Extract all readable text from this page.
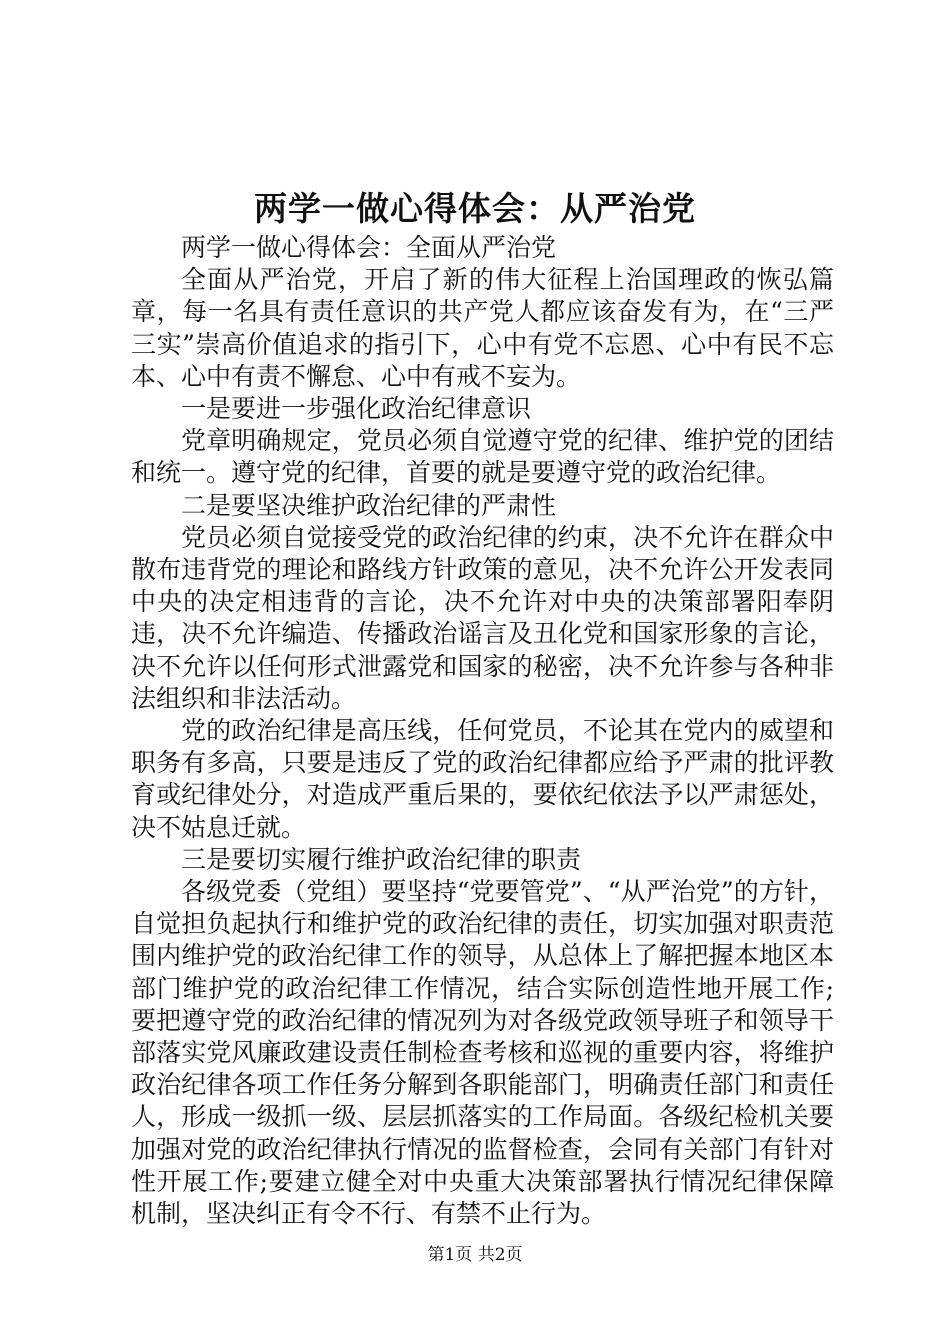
两学一做心得体会：从严治党

两学一做心得体会：全面从严治党

全面从严治党，开启了新的伟大征程上治国理政的恢弘篇章，每一名具有责任意识的共产党人都应该奋发有为，在“三严三实”崇高价值追求的指引下，心中有党不忘恩、心中有民不忘本、心中有责不懈怠、心中有戒不妄为。

一是要进一步强化政治纪律意识

党章明确规定，党员必须自觉遵守党的纪律、维护党的团结和统一。遵守党的纪律，首要的就是要遵守党的政治纪律。

二是要坚决维护政治纪律的严肃性

党员必须自觉接受党的政治纪律的约束，决不允许在群众中散布违背党的理论和路线方针政策的意见，决不允许公开发表同中央的决定相违背的言论，决不允许对中央的决策部署阳奉阴违，决不允许编造、传播政治谣言及丑化党和国家形象的言论，决不允许以任何形式泄露党和国家的秘密，决不允许参与各种非法组织和非法活动。

党的政治纪律是高压线，任何党员，不论其在党内的威望和职务有多高，只要是违反了党的政治纪律都应给予严肃的批评教育或纪律处分，对造成严重后果的，要依纪依法予以严肃惩处，决不姑息迁就。

三是要切实履行维护政治纪律的职责

各级党委（党组）要坚持“党要管党”、“从严治党”的方针，自觉担负起执行和维护党的政治纪律的责任，切实加强对职责范围内维护党的政治纪律工作的领导，从总体上了解把握本地区本部门维护党的政治纪律工作情况，结合实际创造性地开展工作;要把遵守党的政治纪律的情况列为对各级党政领导班子和领导干部落实党风廉政建设责任制检查考核和巡视的重要内容，将维护政治纪律各项工作任务分解到各职能部门，明确责任部门和责任人，形成一级抓一级、层层抓落实的工作局面。各级纪检机关要加强对党的政治纪律执行情况的监督检查，会同有关部门有针对性开展工作;要建立健全对中央重大决策部署执行情况纪律保障机制，坚决纠正有令不行、有禁不止行为。

第1页 共2页
